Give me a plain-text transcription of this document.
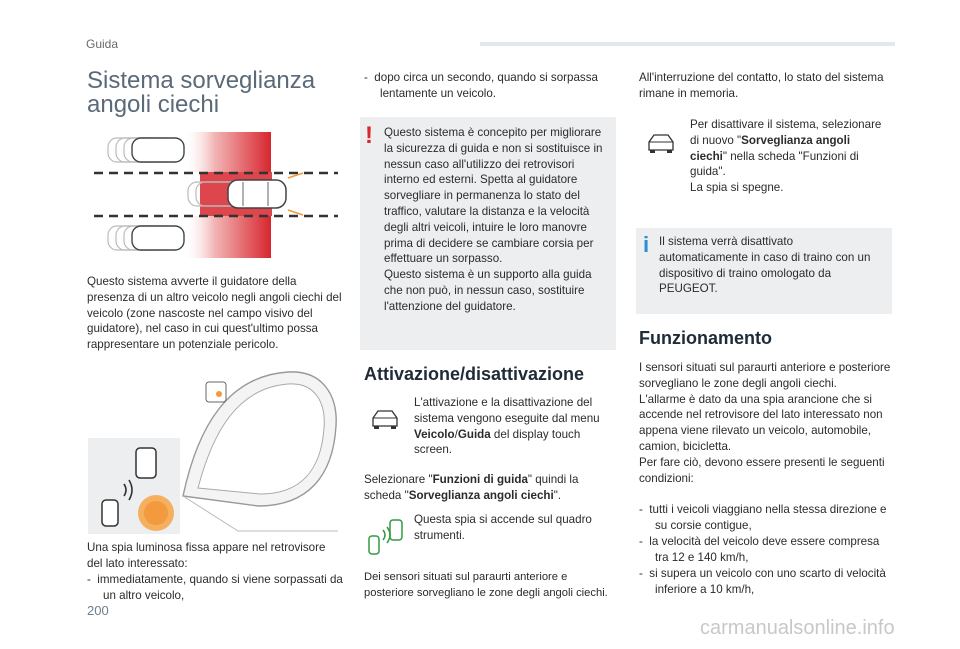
Guida
Sistema sorveglianza
angoli ciechi
Questo sistema avverte il guidatore della presenza di un altro veicolo negli angoli ciechi del veicolo (zone nascoste nel campo visivo del guidatore), nel caso in cui quest'ultimo possa rappresentare un potenziale pericolo.
Una spia luminosa fissa appare nel retrovisore del lato interessato:
-  immediatamente, quando si viene sorpassati da un altro veicolo,
-  dopo circa un secondo, quando si sorpassa lentamente un veicolo.
! Questo sistema è concepito per migliorare la sicurezza di guida e non si sostituisce in nessun caso all'utilizzo dei retrovisori interno ed esterni. Spetta al guidatore sorvegliare in permanenza lo stato del traffico, valutare la distanza e la velocità degli altri veicoli, intuire le loro manovre prima di decidere se cambiare corsia per effettuare un sorpasso.
Questo sistema è un supporto alla guida che non può, in nessun caso, sostituire l'attenzione del guidatore.
Attivazione/disattivazione
L'attivazione e la disattivazione del sistema vengono eseguite dal menu Veicolo/Guida del display touch screen.
Selezionare "Funzioni di guida" quindi la scheda "Sorveglianza angoli ciechi".
Questa spia si accende sul quadro strumenti.
Dei sensori situati sul paraurti anteriore e posteriore sorvegliano le zone degli angoli ciechi.
All'interruzione del contatto, lo stato del sistema rimane in memoria.
Per disattivare il sistema, selezionare di nuovo "Sorveglianza angoli ciechi" nella scheda "Funzioni di guida".
La spia si spegne.
i Il sistema verrà disattivato automaticamente in caso di traino con un dispositivo di traino omologato da PEUGEOT.
Funzionamento
I sensori situati sul paraurti anteriore e posteriore sorvegliano le zone degli angoli ciechi.
L'allarme è dato da una spia arancione che si accende nel retrovisore del lato interessato non appena viene rilevato un veicolo, automobile, camion, bicicletta.
Per fare ciò, devono essere presenti le seguenti condizioni:
-  tutti i veicoli viaggiano nella stessa direzione e su corsie contigue,
-  la velocità del veicolo deve essere compresa tra 12 e 140 km/h,
-  si supera un veicolo con uno scarto di velocità inferiore a 10 km/h,
200
carmanualsonline.info
